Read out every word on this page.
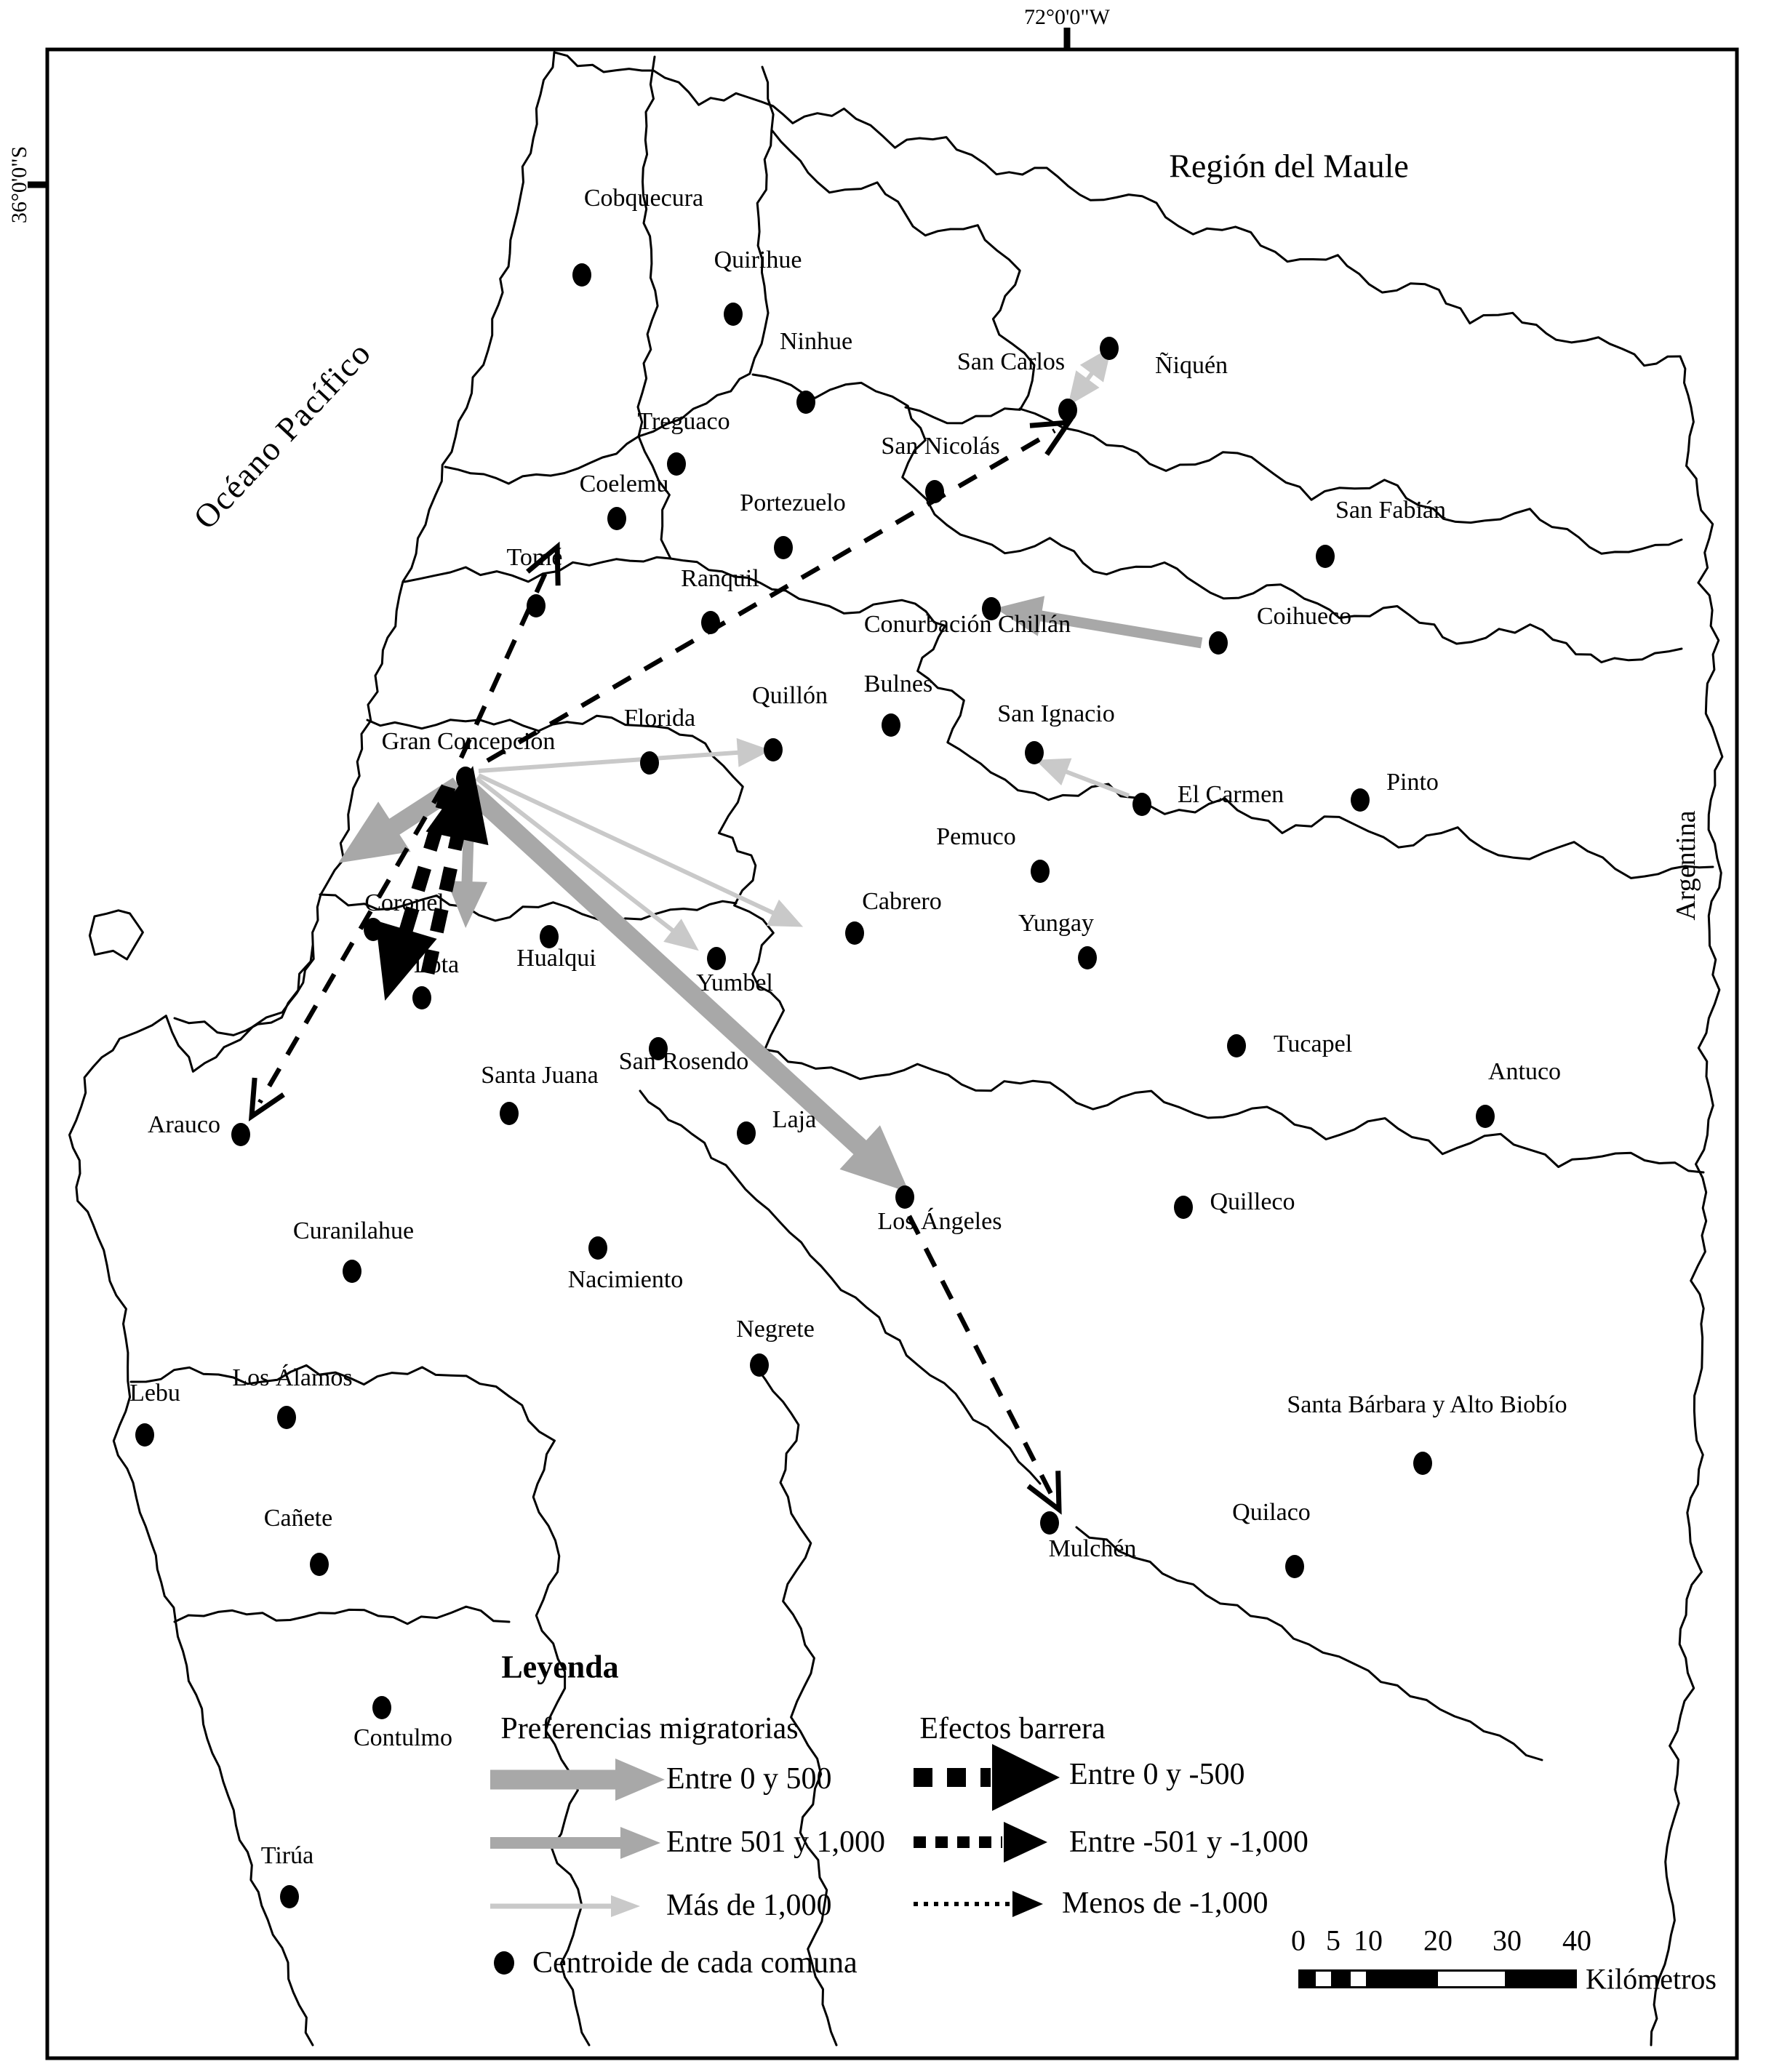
Cobquecura
Quirihue
Ninhue
Treguaco
Coelemu
Tomé
Portezuelo
Ranquil
San Nicolás
San Carlos	Ñiquén
San Fabián
Conurbación Chillán	Coihueco
Pinto
Bulnes
Quillón
Florida	San Ignacio
El Carmen
Pemuco
Cabrero
Yungay
Gran Concepción
Coronel
Lota Hualqui
Yumbel
San Rosendo
Santa Juana
Laja
Tucapel
Antuco
Quilleco
Arauco
Los Ángeles
Curanilahue
Nacimiento
Negrete
Lebu
Los Álamos
Cañete
Contulmo
Tirúa
Mulchén
Quilaco
Santa Bárbara y Alto Biobío
72°0'0"W
36°0'0"S	Región del Maule
Océano Pacífico
Argentina
Leyenda
Preferencias migratorias	Efectos barrera
Entre 0 y 500
Entre 501 y 1,000
Más de 1,000
Entre 0 y -500
Entre -501 y -1,000
Menos de -1,000
Centroide de cada comuna
0 5 10 20 30 40
Kilómetros
